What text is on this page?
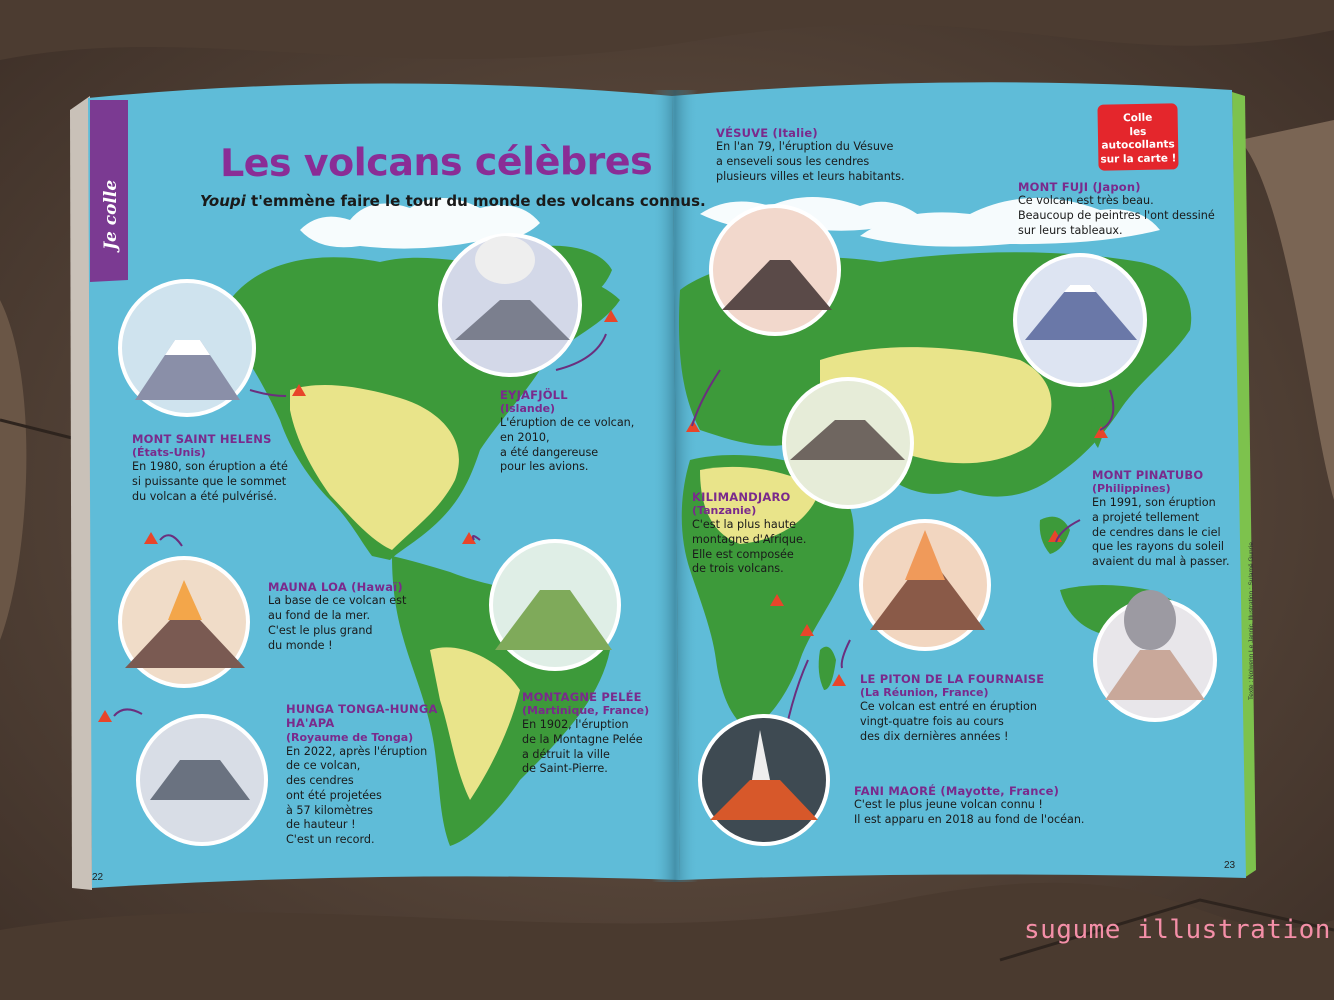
Je colle
Les volcans célèbres
Youpi t'emmène faire le tour du monde des volcans connus.
Colle
les autocollants
sur la carte !
MONT SAINT HELENS
(États-Unis)
En 1980, son éruption a été
si puissante que le sommet
du volcan a été pulvérisé.
EYJAFJÖLL
(Islande)
L'éruption de ce volcan,
en 2010,
a été dangereuse
pour les avions.
MAUNA LOA (Hawaï)
La base de ce volcan est
au fond de la mer.
C'est le plus grand
du monde !
HUNGA TONGA-HUNGA
HA'APA
(Royaume de Tonga)
En 2022, après l'éruption
de ce volcan,
des cendres
ont été projetées
à 57 kilomètres
de hauteur !
C'est un record.
MONTAGNE PELÉE
(Martinique, France)
En 1902, l'éruption
de la Montagne Pelée
a détruit la ville
de Saint-Pierre.
VÉSUVE (Italie)
En l'an 79, l'éruption du Vésuve
a enseveli sous les cendres
plusieurs villes et leurs habitants.
MONT FUJI (Japon)
Ce volcan est très beau.
Beaucoup de peintres l'ont dessiné
sur leurs tableaux.
KILIMANDJARO
(Tanzanie)
C'est la plus haute
montagne d'Afrique.
Elle est composée
de trois volcans.
MONT PINATUBO
(Philippines)
En 1991, son éruption
a projeté tellement
de cendres dans le ciel
que les rayons du soleil
avaient du mal à passer.
LE PITON DE LA FOURNAISE
(La Réunion, France)
Ce volcan est entré en éruption
vingt-quatre fois au cours
des dix dernières années !
FANI MAORÉ (Mayotte, France)
C'est le plus jeune volcan connu !
Il est apparu en 2018 au fond de l'océan.
22
23
Texte : Nolwenn Le Jannic. Illustration : Sulamë Gunrie.
sugume illustration
